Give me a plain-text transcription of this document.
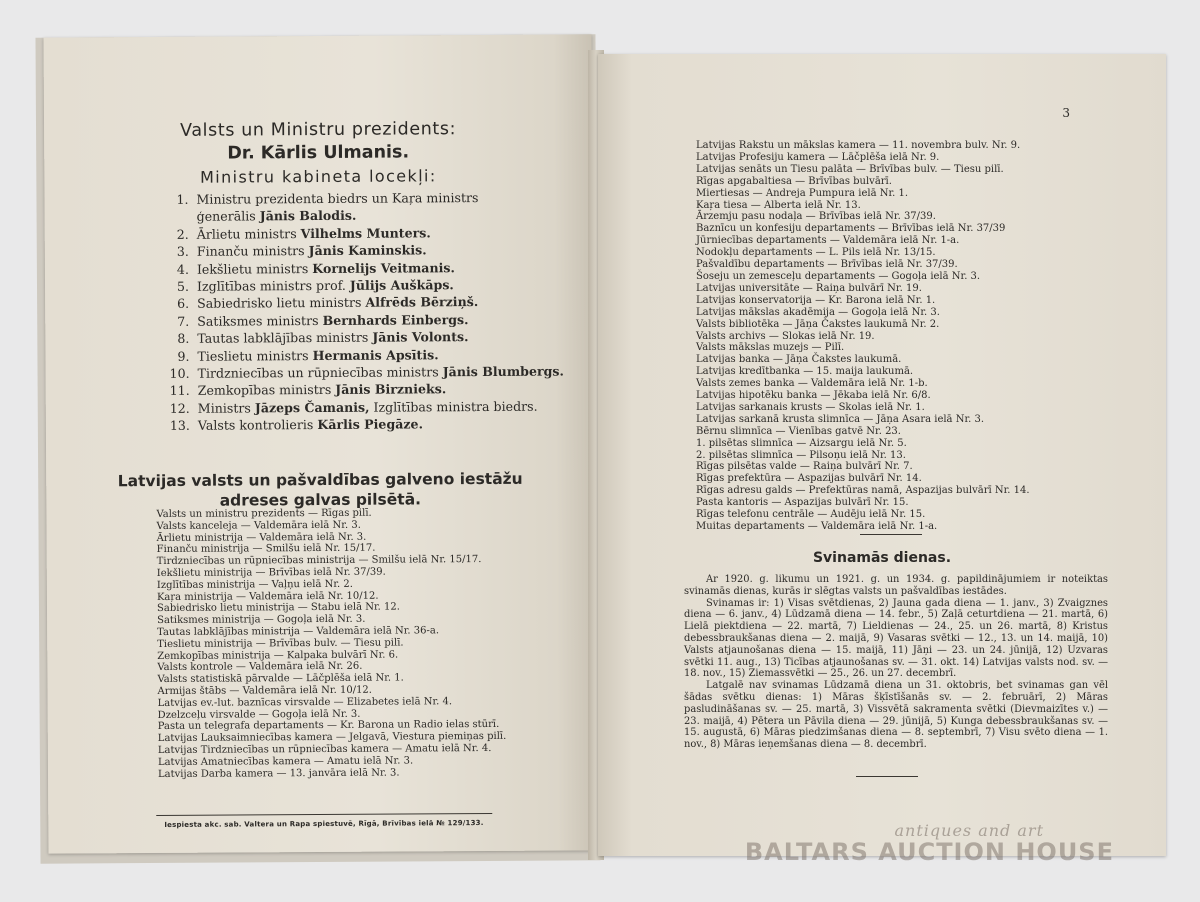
Valsts un Ministru prezidents:
Dr. Kārlis Ulmanis.
Ministru kabineta locekļi:
1. Ministru prezidenta biedrs un Kaŗa ministrs
ģenerālis Jānis Balodis.
2. Ārlietu ministrs Vilhelms Munters.
3. Finanču ministrs Jānis Kaminskis.
4. Iekšlietu ministrs Kornelijs Veitmanis.
5. Izglītības ministrs prof. Jūlijs Auškāps.
6. Sabiedrisko lietu ministrs Alfrēds Bērziņš.
7. Satiksmes ministrs Bernhards Einbergs.
8. Tautas labklājības ministrs Jānis Volonts.
9. Tieslietu ministrs Hermanis Apsītis.
10. Tirdzniecības un rūpniecības ministrs Jānis Blumbergs.
11. Zemkopības ministrs Jānis Birznieks.
12. Ministrs Jāzeps Čamanis, Izglītības ministra biedrs.
13. Valsts kontrolieris Kārlis Piegāze.
Latvijas valsts un pašvaldības galveno iestāžu
adreses galvas pilsētā.
Valsts un ministru prezidents — Rīgas pilī.
Valsts kanceleja — Valdemāra ielā Nr. 3.
Ārlietu ministrija — Valdemāra ielā Nr. 3.
Finanču ministrija — Smilšu ielā Nr. 15/17.
Tirdzniecības un rūpniecības ministrija — Smilšu ielā Nr. 15/17.
Iekšlietu ministrija — Brīvības ielā Nr. 37/39.
Izglītības ministrija — Vaļņu ielā Nr. 2.
Kaŗa ministrija — Valdemāra ielā Nr. 10/12.
Sabiedrisko lietu ministrija — Stabu ielā Nr. 12.
Satiksmes ministrija — Gogoļa ielā Nr. 3.
Tautas labklājības ministrija — Valdemāra ielā Nr. 36-a.
Tieslietu ministrija — Brīvības bulv. — Tiesu pilī.
Zemkopības ministrija — Kalpaka bulvārī Nr. 6.
Valsts kontrole — Valdemāra ielā Nr. 26.
Valsts statistiskā pārvalde — Lāčplēša ielā Nr. 1.
Armijas štābs — Valdemāra ielā Nr. 10/12.
Latvijas ev.-lut. baznīcas virsvalde — Elizabetes ielā Nr. 4.
Dzelzceļu virsvalde — Gogoļa ielā Nr. 3.
Pasta un telegrafa departaments — Kr. Barona un Radio ielas stūrī.
Latvijas Lauksaimniecības kamera — Jelgavā, Viestura piemiņas pilī.
Latvijas Tirdzniecības un rūpniecības kamera — Amatu ielā Nr. 4.
Latvijas Amatniecības kamera — Amatu ielā Nr. 3.
Latvijas Darba kamera — 13. janvāra ielā Nr. 3.
Iespiesta akc. sab. Valtera un Rapa spiestuvē, Rīgā, Brīvības ielā № 129/133.
3
Latvijas Rakstu un mākslas kamera — 11. novembra bulv. Nr. 9.
Latvijas Profesiju kamera — Lāčplēša ielā Nr. 9.
Latvijas senāts un Tiesu palāta — Brīvības bulv. — Tiesu pilī.
Rīgas apgabaltiesa — Brīvības bulvārī.
Miertiesas — Andreja Pumpura ielā Nr. 1.
Kaŗa tiesa — Alberta ielā Nr. 13.
Ārzemju pasu nodaļa — Brīvības ielā Nr. 37/39.
Baznīcu un konfesiju departaments — Brīvības ielā Nr. 37/39
Jūrniecības departaments — Valdemāra ielā Nr. 1-a.
Nodokļu departaments — L. Pils ielā Nr. 13/15.
Pašvaldību departaments — Brīvības ielā Nr. 37/39.
Šoseju un zemesceļu departaments — Gogoļa ielā Nr. 3.
Latvijas universitāte — Raiņa bulvārī Nr. 19.
Latvijas konservatorija — Kr. Barona ielā Nr. 1.
Latvijas mākslas akadēmija — Gogoļa ielā Nr. 3.
Valsts bibliotēka — Jāņa Čakstes laukumā Nr. 2.
Valsts archivs — Slokas ielā Nr. 19.
Valsts mākslas muzejs — Pilī.
Latvijas banka — Jāņa Čakstes laukumā.
Latvijas kredītbanka — 15. maija laukumā.
Valsts zemes banka — Valdemāra ielā Nr. 1-b.
Latvijas hipotēku banka — Jēkaba ielā Nr. 6/8.
Latvijas sarkanais krusts — Skolas ielā Nr. 1.
Latvijas sarkanā krusta slimnīca — Jāņa Asara ielā Nr. 3.
Bērnu slimnīca — Vienības gatvē Nr. 23.
1. pilsētas slimnīca — Aizsargu ielā Nr. 5.
2. pilsētas slimnīca — Pilsoņu ielā Nr. 13.
Rīgas pilsētas valde — Raiņa bulvārī Nr. 7.
Rīgas prefektūra — Aspazijas bulvārī Nr. 14.
Rīgas adresu galds — Prefektūras namā, Aspazijas bulvārī Nr. 14.
Pasta kantoris — Aspazijas bulvārī Nr. 15.
Rīgas telefonu centrāle — Audēju ielā Nr. 15.
Muitas departaments — Valdemāra ielā Nr. 1-a.
Svinamās dienas.

Ar 1920. g. likumu un 1921. g. un 1934. g. papildinājumiem ir noteiktas svinamās dienas, kurās ir slēgtas valsts un pašvaldības iestādes.

Svinamas ir: 1) Visas svētdienas, 2) Jauna gada diena — 1. janv., 3) Zvaigznes diena — 6. janv., 4) Lūdzamā diena — 14. febr., 5) Zaļā ceturtdiena — 21. martā, 6) Lielā piektdiena — 22. martā, 7) Lieldienas — 24., 25. un 26. martā, 8) Kristus debessbraukšanas diena — 2. maijā, 9) Vasaras svētki — 12., 13. un 14. maijā, 10) Valsts atjaunošanas diena — 15. maijā, 11) Jāņi — 23. un 24. jūnijā, 12) Uzvaras svētki 11. aug., 13) Ticības atjaunošanas sv. — 31. okt. 14) Latvijas valsts nod. sv. — 18. nov., 15) Ziemassvētki — 25., 26. un 27. decembrī.

Latgalē nav svinamas Lūdzamā diena un 31. oktobris, bet svinamas gan vēl šādas svētku dienas: 1) Māras šķīstīšanās sv. — 2. februārī, 2) Māras pasludināšanas sv. — 25. martā, 3) Vissvētā sakramenta svētki (Dievmaizītes v.) — 23. maijā, 4) Pētera un Pāvila diena — 29. jūnijā, 5) Kunga debessbraukšanas sv. — 15. augustā, 6) Māras piedzimšanas diena — 8. septembrī, 7) Visu svēto diena — 1. nov., 8) Māras ieņemšanas diena — 8. decembrī.

antiques and art
BALTARS AUCTION HOUSE
